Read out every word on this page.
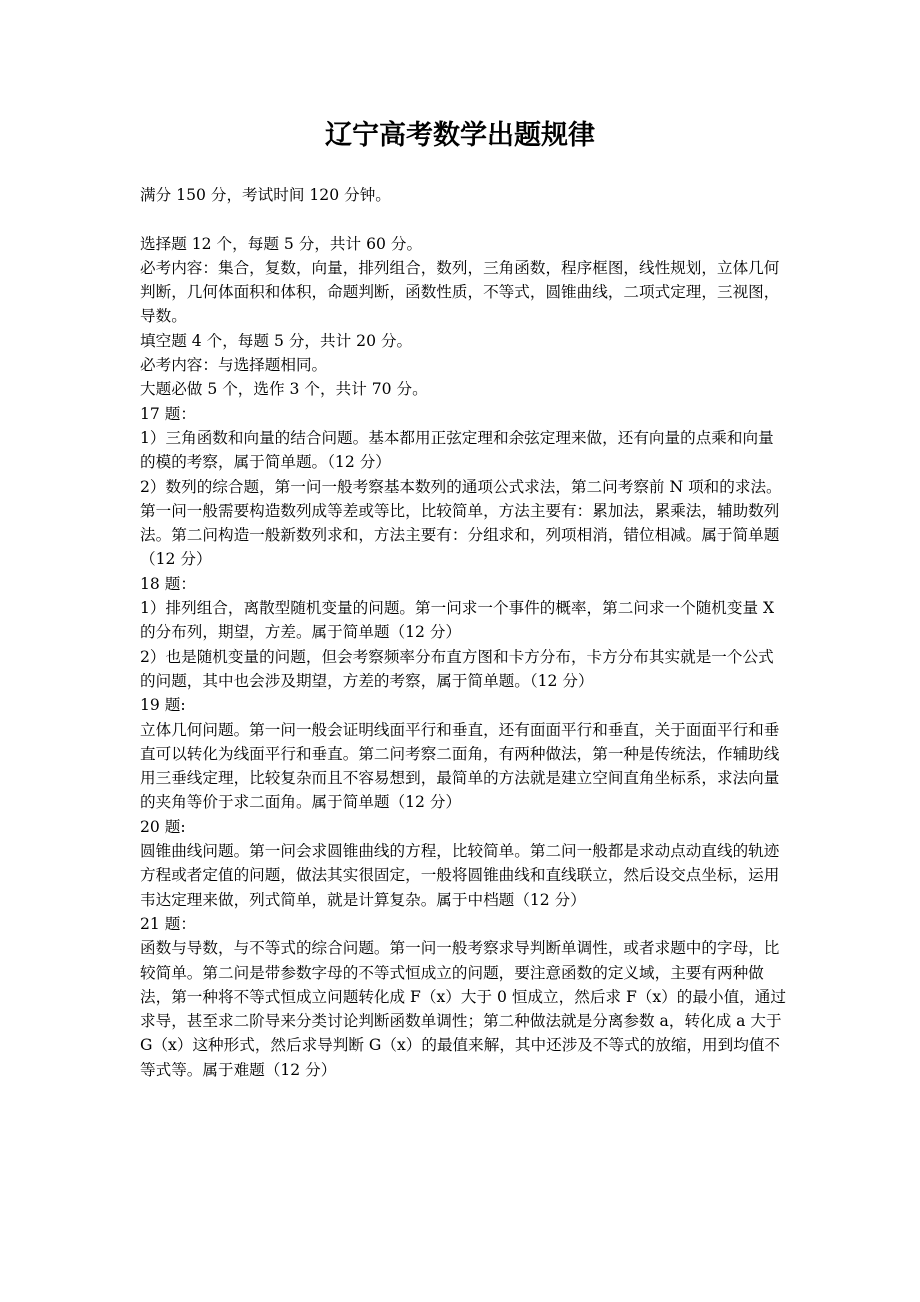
辽宁高考数学出题规律

满分 150 分，考试时间 120 分钟。

选择题 12 个，每题 5 分，共计 60 分。

必考内容：集合，复数，向量，排列组合，数列，三角函数，程序框图，线性规划，立体几何判断，几何体面积和体积，命题判断，函数性质，不等式，圆锥曲线，二项式定理，三视图，导数。

填空题 4 个，每题 5 分，共计 20 分。

必考内容：与选择题相同。

大题必做 5 个，选作 3 个，共计 70 分。

17 题：

1）三角函数和向量的结合问题。基本都用正弦定理和余弦定理来做，还有向量的点乘和向量的模的考察，属于简单题。（12 分）

2）数列的综合题，第一问一般考察基本数列的通项公式求法，第二问考察前 N 项和的求法。第一问一般需要构造数列成等差或等比，比较简单，方法主要有：累加法，累乘法，辅助数列法。第二问构造一般新数列求和，方法主要有：分组求和，列项相消，错位相减。属于简单题（12 分）

18 题：

1）排列组合，离散型随机变量的问题。第一问求一个事件的概率，第二问求一个随机变量 X 的分布列，期望，方差。属于简单题（12 分）

2）也是随机变量的问题，但会考察频率分布直方图和卡方分布，卡方分布其实就是一个公式的问题，其中也会涉及期望，方差的考察，属于简单题。（12 分）

19 题:

立体几何问题。第一问一般会证明线面平行和垂直，还有面面平行和垂直，关于面面平行和垂直可以转化为线面平行和垂直。第二问考察二面角，有两种做法，第一种是传统法，作辅助线用三垂线定理，比较复杂而且不容易想到，最简单的方法就是建立空间直角坐标系，求法向量的夹角等价于求二面角。属于简单题（12 分）

20 题:

圆锥曲线问题。第一问会求圆锥曲线的方程，比较简单。第二问一般都是求动点动直线的轨迹方程或者定值的问题，做法其实很固定，一般将圆锥曲线和直线联立，然后设交点坐标，运用韦达定理来做，列式简单，就是计算复杂。属于中档题（12 分）

21 题：

函数与导数，与不等式的综合问题。第一问一般考察求导判断单调性，或者求题中的字母，比较简单。第二问是带参数字母的不等式恒成立的问题，要注意函数的定义域，主要有两种做法，第一种将不等式恒成立问题转化成 F（x）大于 0 恒成立，然后求 F（x）的最小值，通过求导，甚至求二阶导来分类讨论判断函数单调性；第二种做法就是分离参数 a，转化成 a 大于 G（x）这种形式，然后求导判断 G（x）的最值来解，其中还涉及不等式的放缩，用到均值不等式等。属于难题（12 分）
